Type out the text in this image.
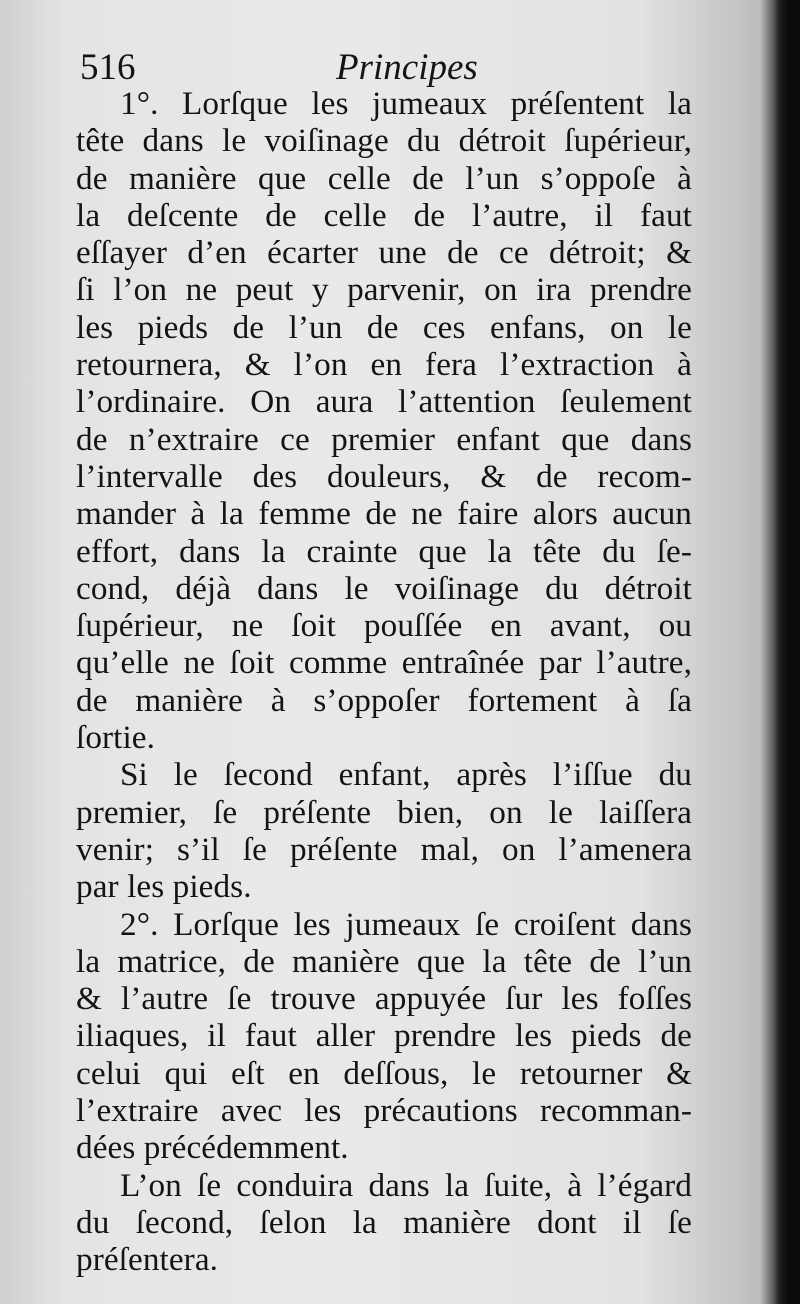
516	Principes
1°. Lorſque les jumeaux préſentent la
tête dans le voiſinage du détroit ſupérieur,
de manière que celle de l’un s’oppoſe à
la deſcente de celle de l’autre, il faut
eſſayer d’en écarter une de ce détroit; &
ſi l’on ne peut y parvenir, on ira prendre
les pieds de l’un de ces enfans, on le
retournera, & l’on en fera l’extraction à
l’ordinaire. On aura l’attention ſeulement
de n’extraire ce premier enfant que dans
l’intervalle des douleurs, & de recom-
mander à la femme de ne faire alors aucun
effort, dans la crainte que la tête du ſe-
cond, déjà dans le voiſinage du détroit
ſupérieur, ne ſoit pouſſée en avant, ou
qu’elle ne ſoit comme entraînée par l’autre,
de manière à s’oppoſer fortement à ſa
ſortie.
Si le ſecond enfant, après l’iſſue du
premier, ſe préſente bien, on le laiſſera
venir; s’il ſe préſente mal, on l’amenera
par les pieds.
2°. Lorſque les jumeaux ſe croiſent dans
la matrice, de manière que la tête de l’un
& l’autre ſe trouve appuyée ſur les foſſes
iliaques, il faut aller prendre les pieds de
celui qui eſt en deſſous, le retourner &
l’extraire avec les précautions recomman-
dées précédemment.
L’on ſe conduira dans la ſuite, à l’égard
du ſecond, ſelon la manière dont il ſe
préſentera.
